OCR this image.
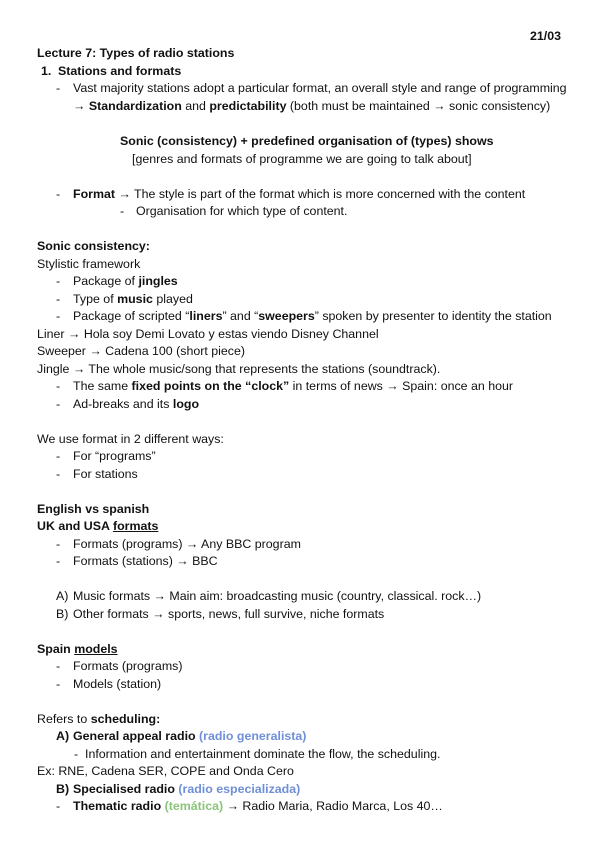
21/03
Lecture 7: Types of radio stations
1. Stations and formats
- Vast majority stations adopt a particular format, an overall style and range of programming
→ Standardization and predictability (both must be maintained → sonic consistency)
Sonic (consistency) + predefined organisation of (types) shows
[genres and formats of programme we are going to talk about]
- Format → The style is part of the format which is more concerned with the content
- Organisation for which type of content.
Sonic consistency:
Stylistic framework
- Package of jingles
- Type of music played
- Package of scripted “liners” and “sweepers” spoken by presenter to identity the station
Liner → Hola soy Demi Lovato y estas viendo Disney Channel
Sweeper → Cadena 100 (short piece)
Jingle → The whole music/song that represents the stations (soundtrack).
- The same fixed points on the “clock” in terms of news → Spain: once an hour
- Ad-breaks and its logo
We use format in 2 different ways:
- For “programs”
- For stations
English vs spanish
UK and USA formats
- Formats (programs) → Any BBC program
- Formats (stations) → BBC
A) Music formats → Main aim: broadcasting music (country, classical. rock…)
B) Other formats → sports, news, full survive, niche formats
Spain models
- Formats (programs)
- Models (station)
Refers to scheduling:
A) General appeal radio (radio generalista)
- Information and entertainment dominate the flow, the scheduling.
Ex: RNE, Cadena SER, COPE and Onda Cero
B) Specialised radio (radio especializada)
- Thematic radio (temática) → Radio Maria, Radio Marca, Los 40…
